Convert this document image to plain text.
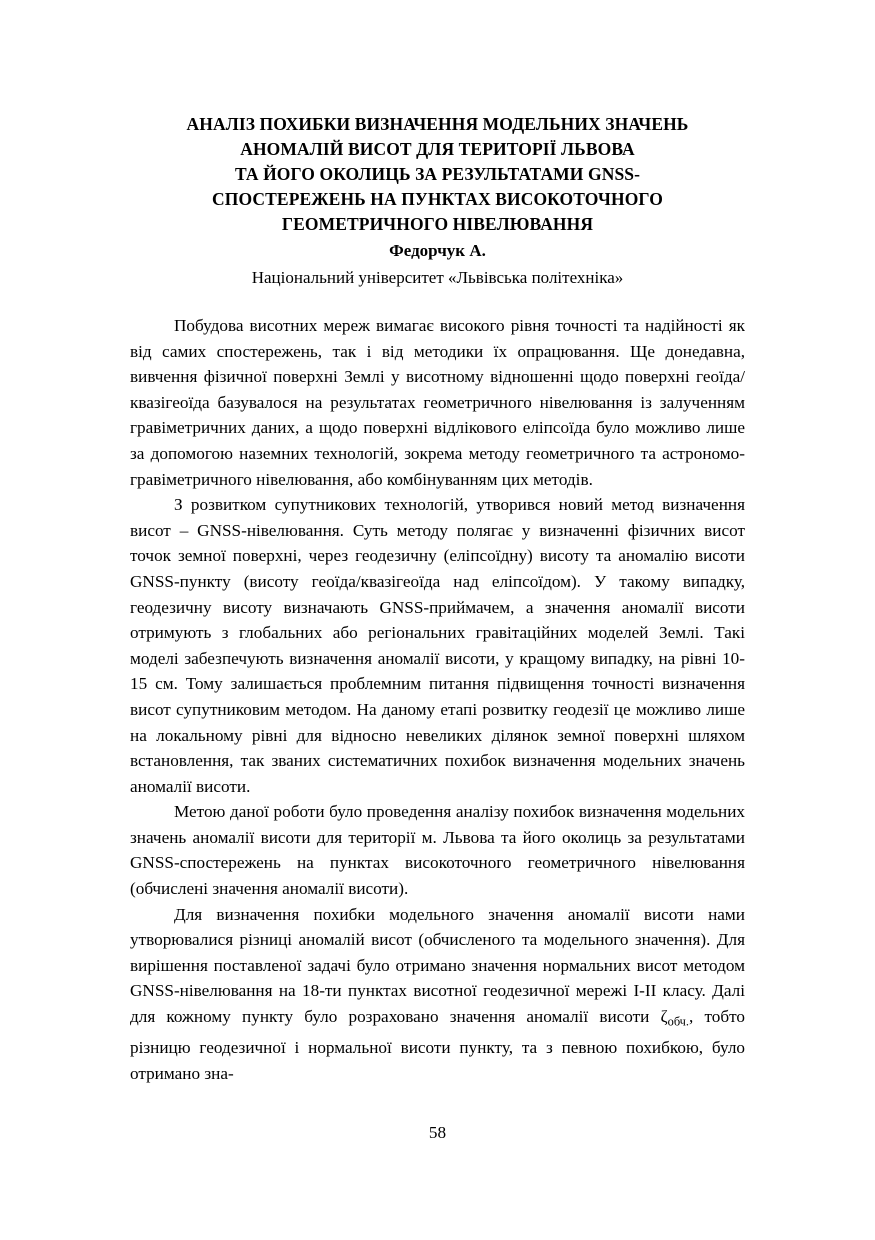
АНАЛІЗ ПОХИБКИ ВИЗНАЧЕННЯ МОДЕЛЬНИХ ЗНАЧЕНЬ
АНОМАЛІЙ ВИСОТ ДЛЯ ТЕРИТОРІЇ ЛЬВОВА
ТА ЙОГО ОКОЛИЦЬ ЗА РЕЗУЛЬТАТАМИ GNSS-
СПОСТЕРЕЖЕНЬ НА ПУНКТАХ ВИСОКОТОЧНОГО
ГЕОМЕТРИЧНОГО НІВЕЛЮВАННЯ
Федорчук А.
Національний університет «Львівська політехніка»

Побудова висотних мереж вимагає високого рівня точності та надійності як від самих спостережень, так і від методики їх опрацювання. Ще донедавна, вивчення фізичної поверхні Землі у висотному відношенні щодо поверхні геоїда/квазігеоїда базувалося на результатах геометричного нівелювання із залученням гравіметричних даних, а щодо поверхні відлікового еліпсоїда було можливо лише за допомогою наземних технологій, зокрема методу геометричного та астрономо-гравіметричного нівелювання, або комбінуванням цих методів.

З розвитком супутникових технологій, утворився новий метод визначення висот – GNSS-нівелювання. Суть методу полягає у визначенні фізичних висот точок земної поверхні, через геодезичну (еліпсоїдну) висоту та аномалію висоти GNSS-пункту (висоту геоїда/квазігеоїда над еліпсоїдом). У такому випадку, геодезичну висоту визначають GNSS-приймачем, а значення аномалії висоти отримують з глобальних або регіональних гравітаційних моделей Землі. Такі моделі забезпечують визначення аномалії висоти, у кращому випадку, на рівні 10-15 см. Тому залишається проблемним питання підвищення точності визначення висот супутниковим методом. На даному етапі розвитку геодезії це можливо лише на локальному рівні для відносно невеликих ділянок земної поверхні шляхом встановлення, так званих систематичних похибок визначення модельних значень аномалії висоти.

Метою даної роботи було проведення аналізу похибок визначення модельних значень аномалії висоти для території м. Львова та його околиць за результатами GNSS-спостережень на пунктах високоточного геометричного нівелювання (обчислені значення аномалії висоти).

Для визначення похибки модельного значення аномалії висоти нами утворювалися різниці аномалій висот (обчисленого та модельного значення). Для вирішення поставленої задачі було отримано значення нормальних висот методом GNSS-нівелювання на 18-ти пунктах висотної геодезичної мережі I-II класу. Далі для кожному пункту було розраховано значення аномалії висоти $\zeta_{обч.}$, тобто різницю геодезичної і нормальної висоти пункту, та з певною похибкою, було отримано зна-

58
